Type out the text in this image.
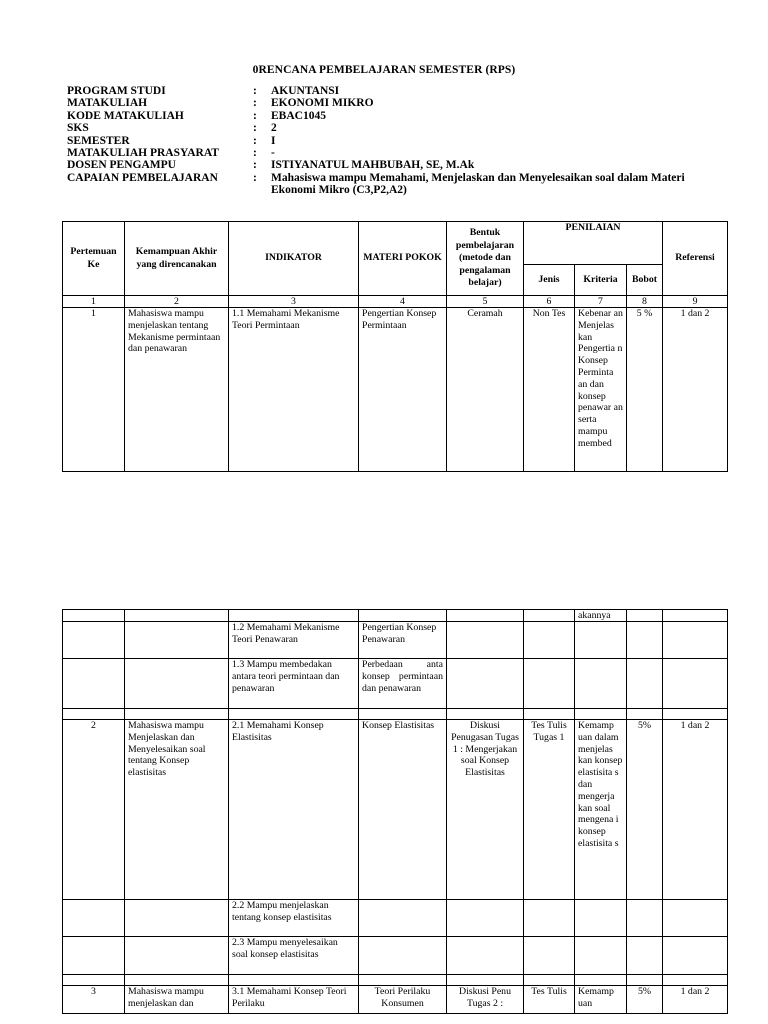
0RENCANA PEMBELAJARAN SEMESTER (RPS)
PROGRAM STUDI	:	AKUNTANSI
MATAKULIAH	:	EKONOMI MIKRO
KODE MATAKULIAH	:	EBAC1045
SKS	:	2
SEMESTER	:	I
MATAKULIAH PRASYARAT	:	-
DOSEN PENGAMPU	:	ISTIYANATUL MAHBUBAH, SE, M.Ak
CAPAIAN PEMBELAJARAN	:	Mahasiswa mampu Memahami, Menjelaskan dan Menyelesaikan soal dalam Materi Ekonomi Mikro (C3,P2,A2)
Pertemuan Ke	Kemampuan Akhir yang direncanakan	INDIKATOR	MATERI POKOK	Bentuk pembelajaran (metode dan pengalaman belajar)	PENILAIAN			Referensi
					Jenis	Kriteria	Bobot	
1	2	3	4	5	6	7	8	9
1	Mahasiswa mampu menjelaskan tentang Mekanisme permintaan dan penawaran	1.1 Memahami Mekanisme Teori Permintaan	Pengertian Konsep Permintaan	Ceramah	Non Tes	Kebenar an Menjelas kan Pengertia n Konsep Perminta an dan konsep penawar an serta mampu membed	5 %	1 dan 2
						akannya		
		1.2 Memahami Mekanisme Teori Penawaran	Pengertian Konsep Penawaran					
		1.3 Mampu membedakan antara teori permintaan dan penawaran	Perbedaan anta konsep permintaan dan penawaran					

2	Mahasiswa mampu Menjelaskan dan Menyelesaikan soal tentang Konsep elastisitas	2.1 Memahami Konsep Elastisitas	Konsep Elastisitas	Diskusi Penugasan Tugas 1 : Mengerjakan soal Konsep Elastisitas	Tes Tulis Tugas 1	Kemamp uan dalam menjelas kan konsep elastisita s dan mengerja kan soal mengena i konsep elastisita s	5%	1 dan 2
		2.2 Mampu menjelaskan tentang konsep elastisitas						
		2.3 Mampu menyelesaikan soal konsep elastisitas						

3	Mahasiswa mampu menjelaskan dan	3.1 Memahami Konsep Teori Perilaku	Teori Perilaku Konsumen	Diskusi Penu Tugas 2 :	Tes Tulis	Kemamp uan	5%	1 dan 2
